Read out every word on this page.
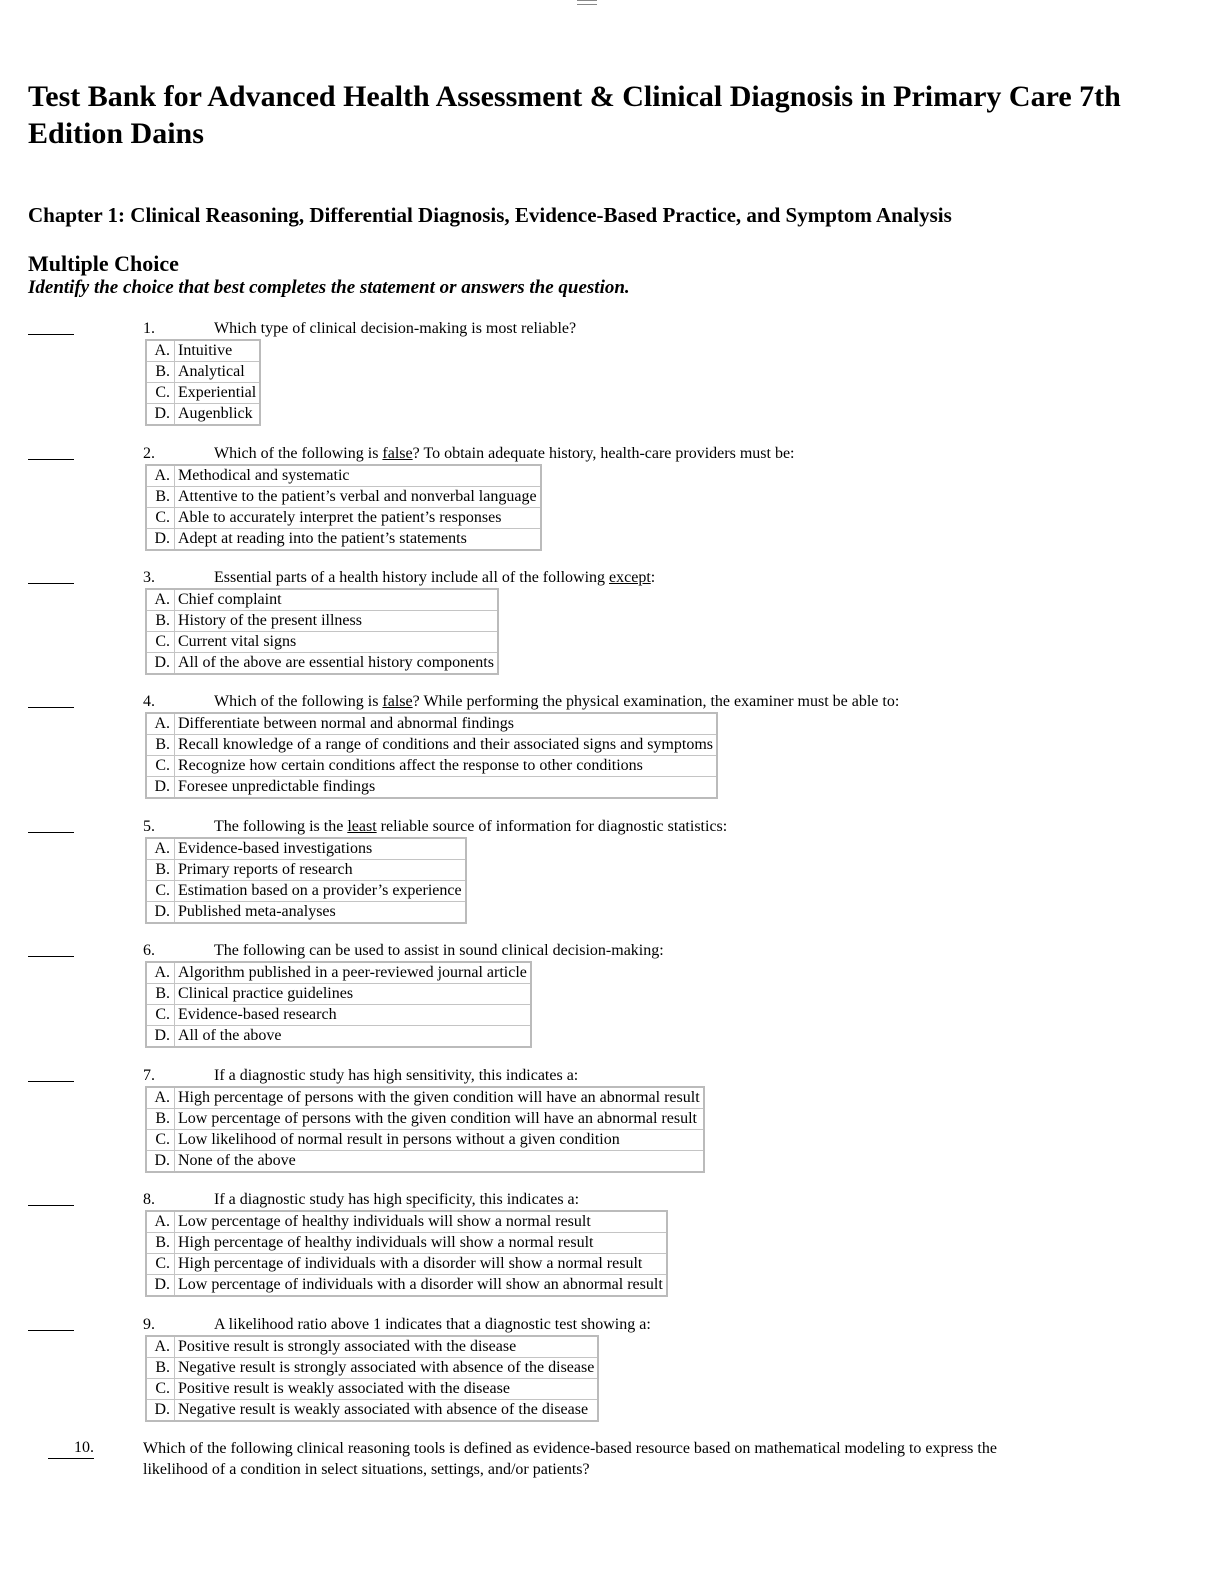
Test Bank for Advanced Health Assessment & Clinical Diagnosis in Primary Care 7th Edition Dains
Chapter 1: Clinical Reasoning, Differential Diagnosis, Evidence-Based Practice, and Symptom Analysis
Multiple Choice

Identify the choice that best completes the statement or answers the question.

1.	Which type of clinical decision-making is most reliable?
A.	Intuitive
B.	Analytical
C.	Experiential
D.	Augenblick
2.	Which of the following is false? To obtain adequate history, health-care providers must be:
A.	Methodical and systematic
B.	Attentive to the patient’s verbal and nonverbal language
C.	Able to accurately interpret the patient’s responses
D.	Adept at reading into the patient’s statements
3.	Essential parts of a health history include all of the following except:
A.	Chief complaint
B.	History of the present illness
C.	Current vital signs
D.	All of the above are essential history components
4.	Which of the following is false? While performing the physical examination, the examiner must be able to:
A.	Differentiate between normal and abnormal findings
B.	Recall knowledge of a range of conditions and their associated signs and symptoms
C.	Recognize how certain conditions affect the response to other conditions
D.	Foresee unpredictable findings
5.	The following is the least reliable source of information for diagnostic statistics:
A.	Evidence-based investigations
B.	Primary reports of research
C.	Estimation based on a provider’s experience
D.	Published meta-analyses
6.	The following can be used to assist in sound clinical decision-making:
A.	Algorithm published in a peer-reviewed journal article
B.	Clinical practice guidelines
C.	Evidence-based research
D.	All of the above
7.	If a diagnostic study has high sensitivity, this indicates a:
A.	High percentage of persons with the given condition will have an abnormal result
B.	Low percentage of persons with the given condition will have an abnormal result
C.	Low likelihood of normal result in persons without a given condition
D.	None of the above
8.	If a diagnostic study has high specificity, this indicates a:
A.	Low percentage of healthy individuals will show a normal result
B.	High percentage of healthy individuals will show a normal result
C.	High percentage of individuals with a disorder will show a normal result
D.	Low percentage of individuals with a disorder will show an abnormal result
9.	A likelihood ratio above 1 indicates that a diagnostic test showing a:
A.	Positive result is strongly associated with the disease
B.	Negative result is strongly associated with absence of the disease
C.	Positive result is weakly associated with the disease
D.	Negative result is weakly associated with absence of the disease
10.	Which of the following clinical reasoning tools is defined as evidence-based resource based on mathematical modeling to express the likelihood of a condition in select situations, settings, and/or patients?
